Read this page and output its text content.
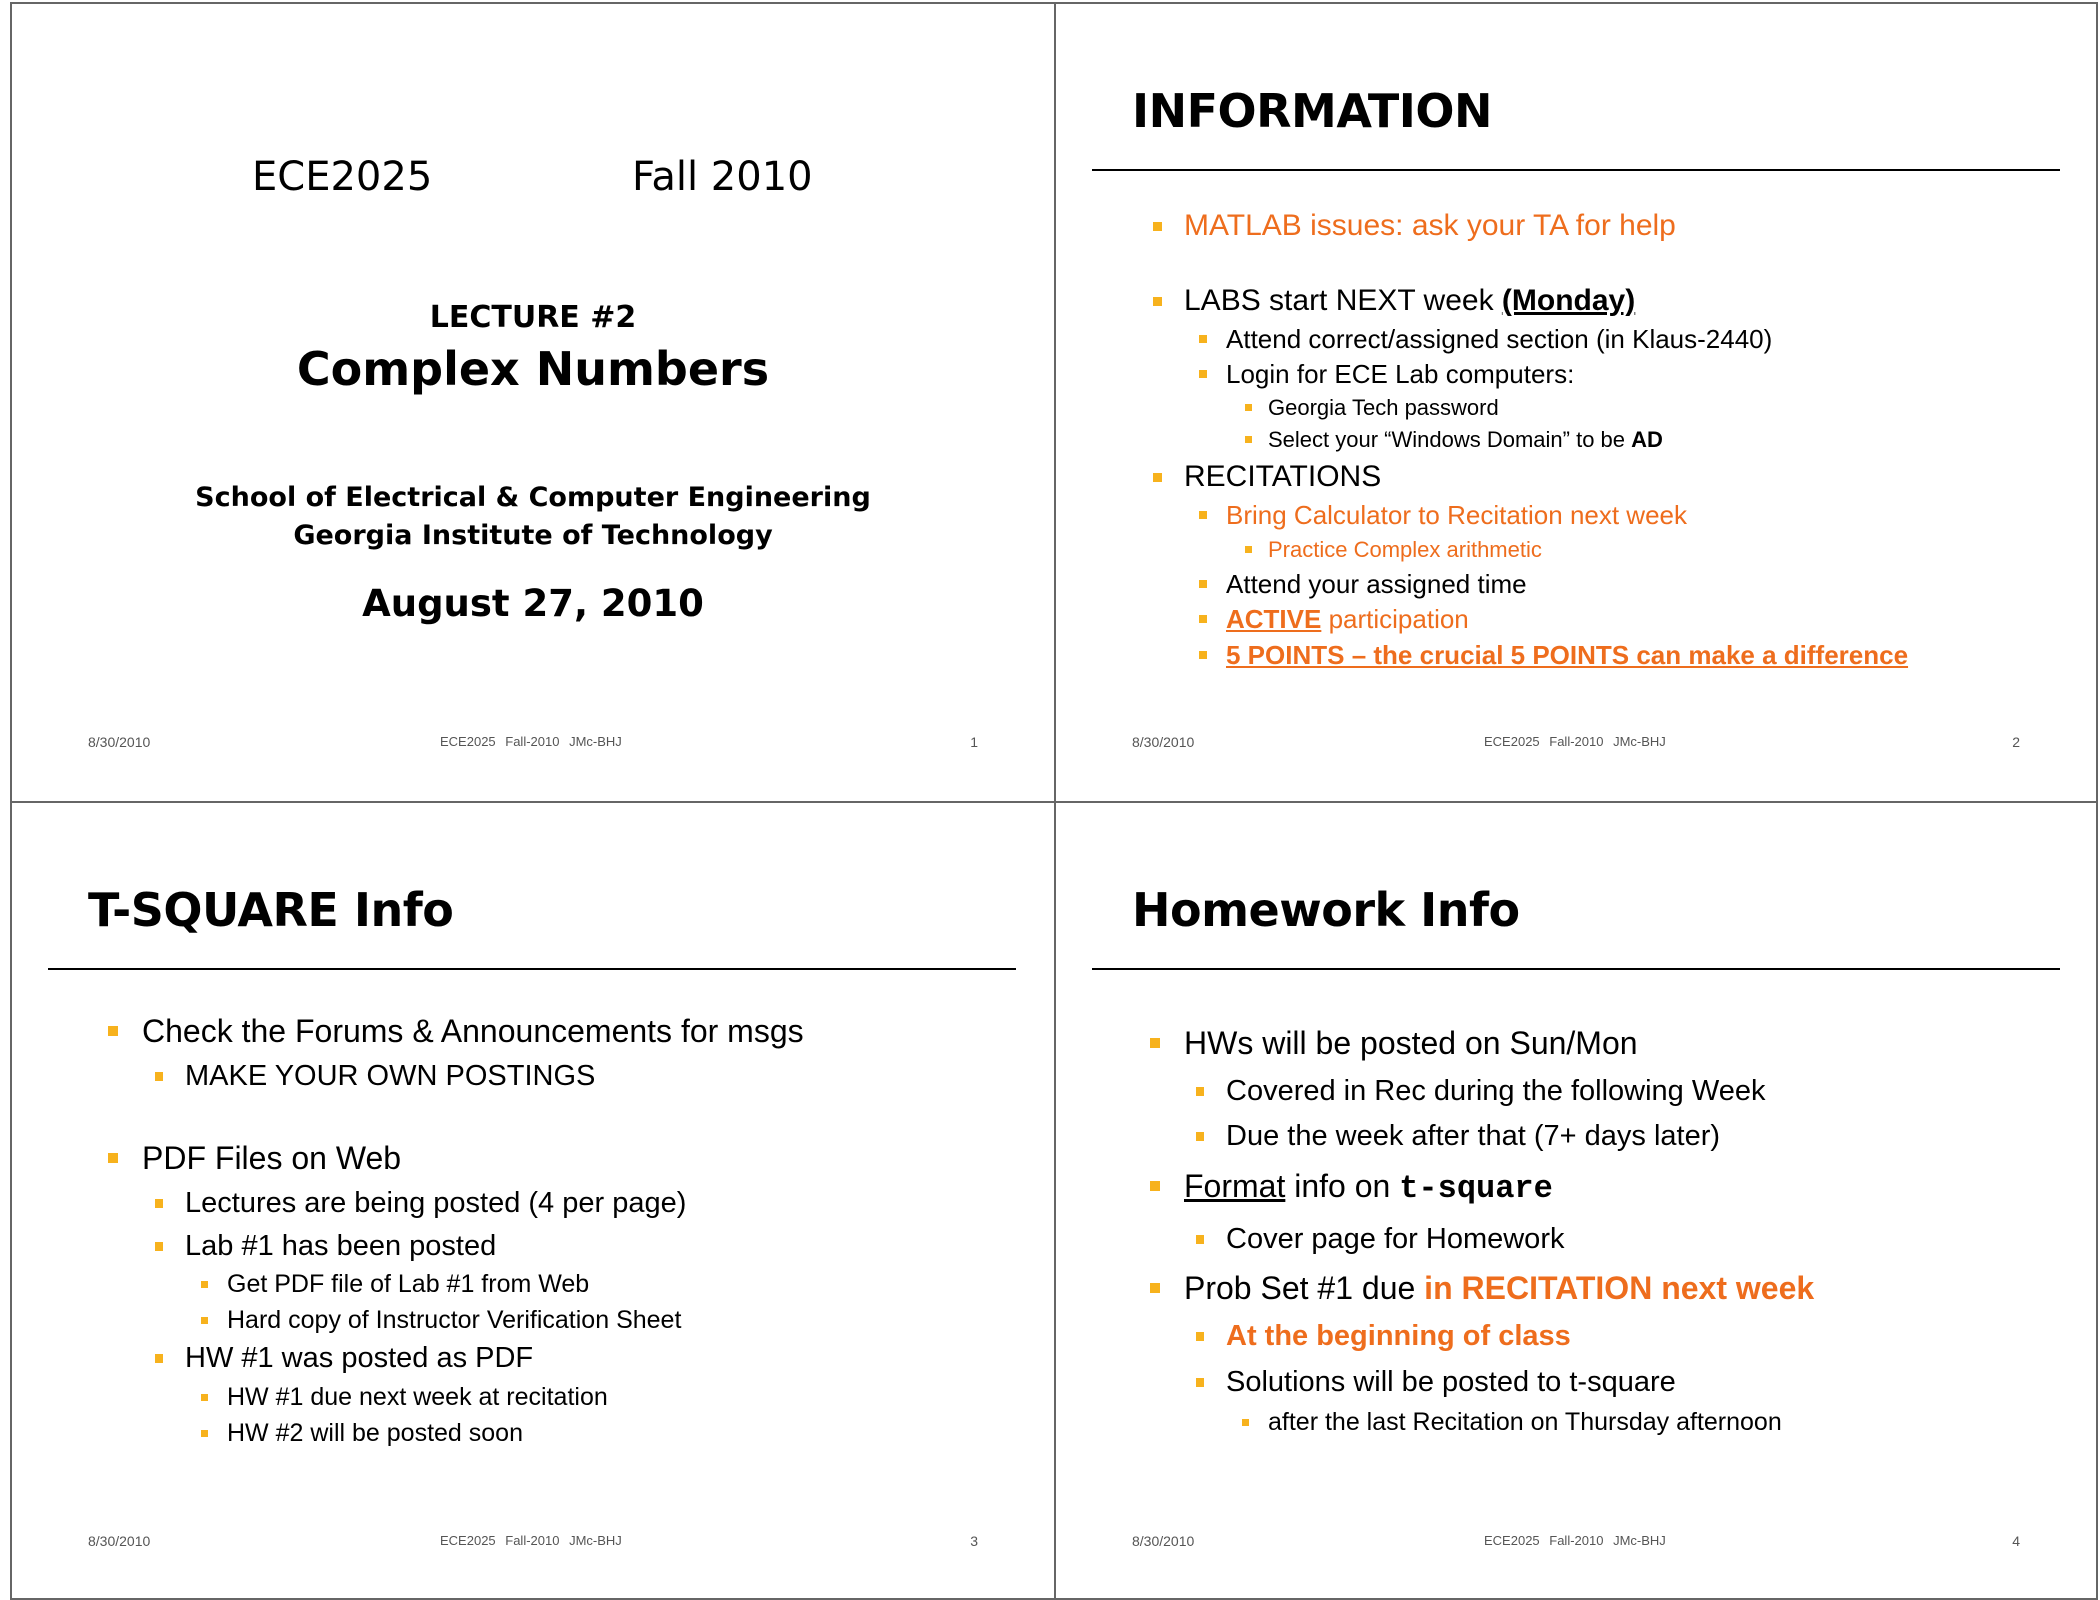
ECE2025	Fall 2010
LECTURE #2
Complex Numbers
School of Electrical & Computer Engineering
Georgia Institute of Technology
August 27, 2010
8/30/2010	ECE2025 Fall-2010 JMc-BHJ	1
INFORMATION
MATLAB issues: ask your TA for help
LABS start NEXT week (Monday)
Attend correct/assigned section (in Klaus-2440)
Login for ECE Lab computers:
Georgia Tech password
Select your “Windows Domain” to be AD
RECITATIONS
Bring Calculator to Recitation next week
Practice Complex arithmetic
Attend your assigned time
ACTIVE participation
5 POINTS – the crucial 5 POINTS can make a difference
8/30/2010	ECE2025 Fall-2010 JMc-BHJ	2
T-SQUARE Info
Check the Forums & Announcements for msgs
MAKE YOUR OWN POSTINGS
PDF Files on Web
Lectures are being posted (4 per page)
Lab #1 has been posted
Get PDF file of Lab #1 from Web
Hard copy of Instructor Verification Sheet
HW #1 was posted as PDF
HW #1 due next week at recitation
HW #2 will be posted soon
8/30/2010	ECE2025 Fall-2010 JMc-BHJ	3
Homework Info
HWs will be posted on Sun/Mon
Covered in Rec during the following Week
Due the week after that (7+ days later)
Format info on t-square
Cover page for Homework
Prob Set #1 due in RECITATION next week
At the beginning of class
Solutions will be posted to t-square
after the last Recitation on Thursday afternoon
8/30/2010	ECE2025 Fall-2010 JMc-BHJ	4
